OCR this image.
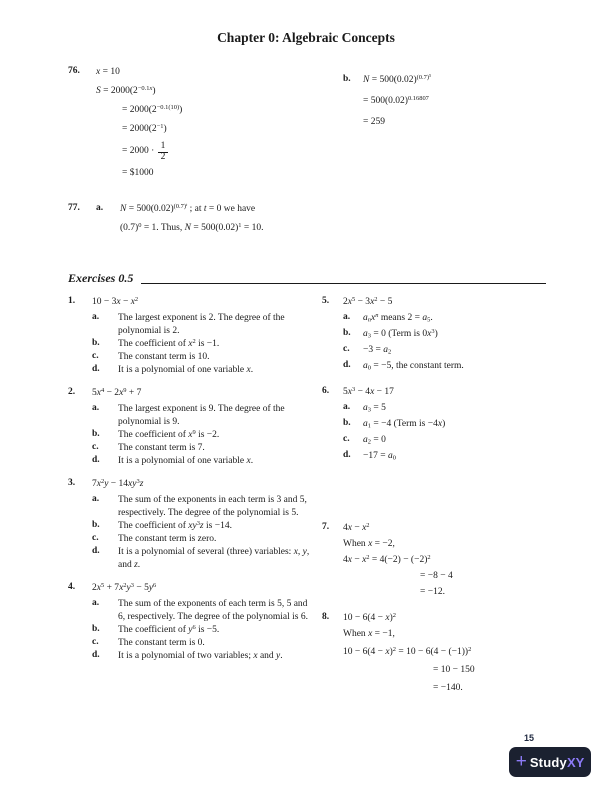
Chapter 0: Algebraic Concepts
76.	x = 10
$S = 2000(2^{-0.1x})$
= $2000(2^{-0.1(10)})$
= $2000(2^{-1})$
= $2000 \cdot \frac{1}{2}$
= $1000
b.	$N = 500(0.02)^{(0.7)^5}$
= $500(0.02)^{0.16807}$
= 259
77.	a.	$N = 500(0.02)^{(0.7)^t}$ ; at t = 0 we have
$(0.7)^0 = 1$. Thus, $N = 500(0.02)^1 = 10$.
Exercises 0.5
1.	$10 - 3x - x^2$
a.	The largest exponent is 2. The degree of the polynomial is 2.
b.	The coefficient of $x^2$ is −1.
c.	The constant term is 10.
d.	It is a polynomial of one variable x.
2.	$5x^4 - 2x^9 + 7$
a.	The largest exponent is 9. The degree of the polynomial is 9.
b.	The coefficient of $x^9$ is −2.
c.	The constant term is 7.
d.	It is a polynomial of one variable x.
3.	$7x^2y - 14xy^3z$
a.	The sum of the exponents in each term is 3 and 5, respectively. The degree of the polynomial is 5.
b.	The coefficient of $xy^3z$ is −14.
c.	The constant term is zero.
d.	It is a polynomial of several (three) variables: x, y, and z.
4.	$2x^5 + 7x^2y^3 - 5y^6$
a.	The sum of the exponents of each term is 5, 5 and 6, respectively. The degree of the polynomial is 6.
b.	The coefficient of $y^6$ is −5.
c.	The constant term is 0.
d.	It is a polynomial of two variables; x and y.
5.	$2x^5 - 3x^2 - 5$
a.	$a_nx^n$ means $2 = a_5$.
b.	$a_3 = 0$ (Term is $0x^3$)
c.	$-3 = a_2$
d.	$a_0 = -5$, the constant term.
6.	$5x^3 - 4x - 17$
a.	$a_3 = 5$
b.	$a_1 = -4$ (Term is −4x)
c.	$a_2 = 0$
d.	$-17 = a_0$
7.	$4x - x^2$
When x = −2,
$4x - x^2 = 4(-2) - (-2)^2$
= −8 − 4
= −12.
8.	$10 - 6(4 - x)^2$
When x = −1,
$10 - 6(4 - x)^2 = 10 - 6(4 - (-1))^2$
= 10 − 150
= −140.
15
+ Study XY
